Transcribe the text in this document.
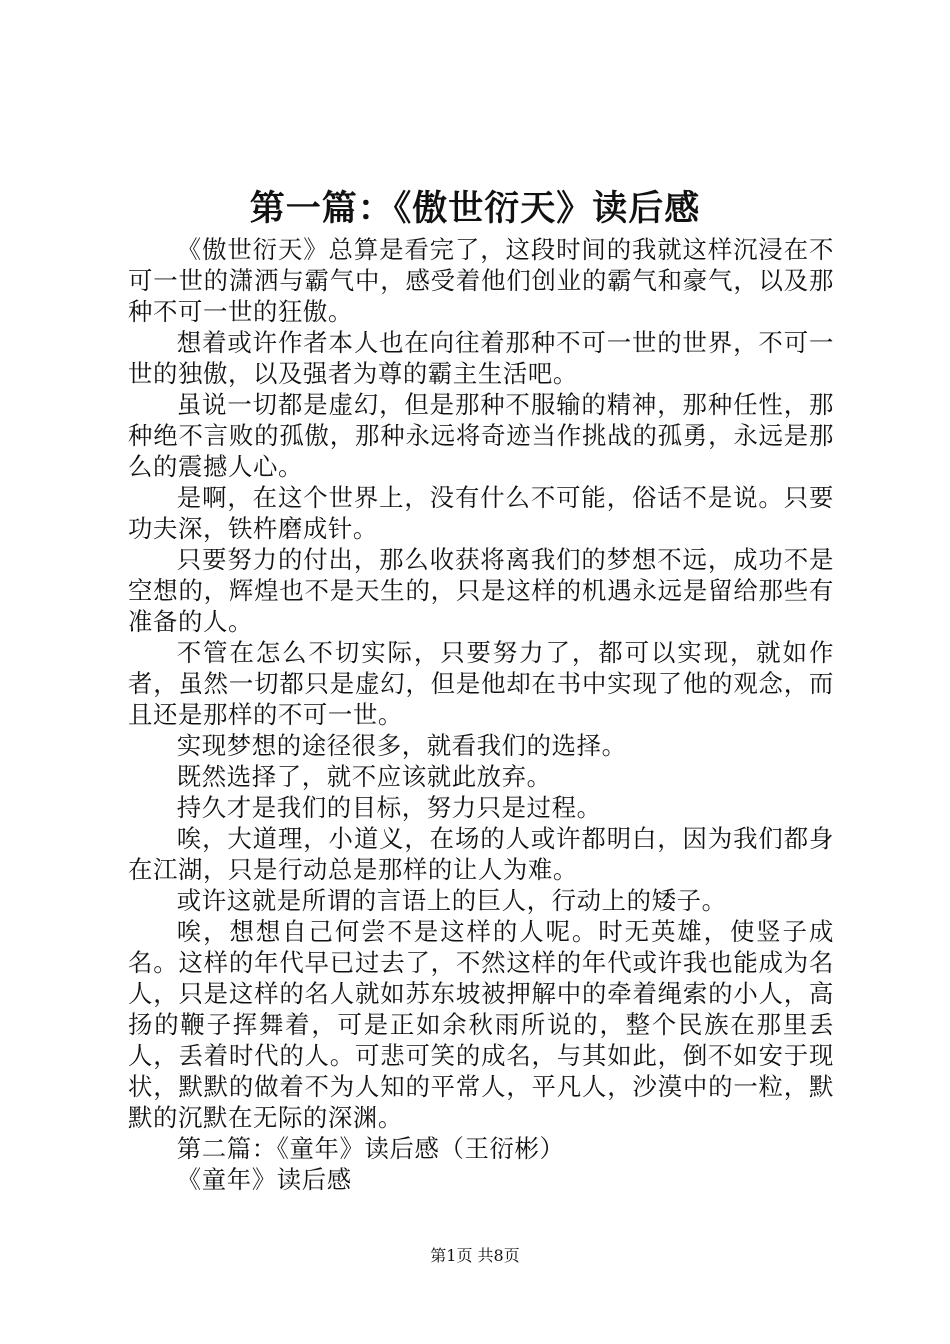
第一篇：《傲世衍天》读后感

《傲世衍天》总算是看完了，这段时间的我就这样沉浸在不可一世的潇洒与霸气中，感受着他们创业的霸气和豪气，以及那种不可一世的狂傲。

想着或许作者本人也在向往着那种不可一世的世界，不可一世的独傲，以及强者为尊的霸主生活吧。

虽说一切都是虚幻，但是那种不服输的精神，那种任性，那种绝不言败的孤傲，那种永远将奇迹当作挑战的孤勇，永远是那么的震撼人心。

是啊，在这个世界上，没有什么不可能，俗话不是说。只要功夫深，铁杵磨成针。

只要努力的付出，那么收获将离我们的梦想不远，成功不是空想的，辉煌也不是天生的，只是这样的机遇永远是留给那些有准备的人。

不管在怎么不切实际，只要努力了，都可以实现，就如作者，虽然一切都只是虚幻，但是他却在书中实现了他的观念，而且还是那样的不可一世。

实现梦想的途径很多，就看我们的选择。

既然选择了，就不应该就此放弃。

持久才是我们的目标，努力只是过程。

唉，大道理，小道义，在场的人或许都明白，因为我们都身在江湖，只是行动总是那样的让人为难。

或许这就是所谓的言语上的巨人，行动上的矮子。

唉，想想自己何尝不是这样的人呢。时无英雄，使竖子成名。这样的年代早已过去了，不然这样的年代或许我也能成为名人，只是这样的名人就如苏东坡被押解中的牵着绳索的小人，高扬的鞭子挥舞着，可是正如余秋雨所说的，整个民族在那里丢人，丢着时代的人。可悲可笑的成名，与其如此，倒不如安于现状，默默的做着不为人知的平常人，平凡人，沙漠中的一粒，默默的沉默在无际的深渊。

第二篇：《童年》读后感（王衍彬）

《童年》读后感

第1页 共8页
